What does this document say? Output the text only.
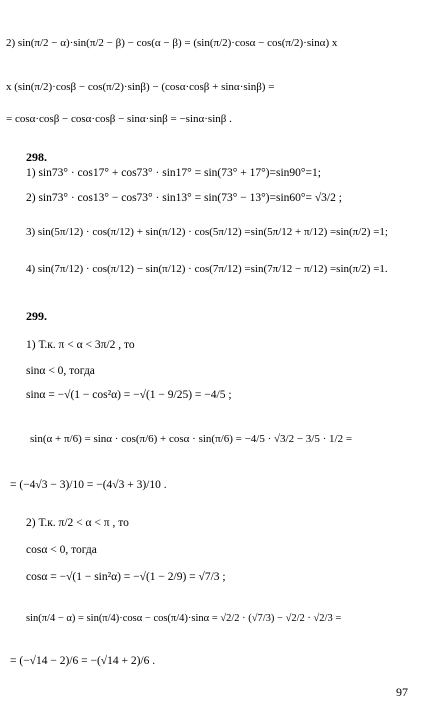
2) sin(π/2 − α)·sin(π/2 − β) − cos(α − β) = (sin(π/2)·cosα − cos(π/2)·sinα) x
x (sin(π/2)·cosβ − cos(π/2)·sinβ) − (cosα·cosβ + sinα·sinβ) =
= cosα·cosβ − cosα·cosβ − sinα·sinβ = −sinα·sinβ .
298.
1) sin73° · cos17° + cos73° · sin17° = sin(73° + 17°)=sin90°=1;
2) sin73° · cos13° − cos73° · sin13° = sin(73° − 13°)=sin60°= √3/2 ;
3) sin(5π/12) · cos(π/12) + sin(π/12) · cos(5π/12) =sin(5π/12 + π/12) =sin(π/2) =1;
4) sin(7π/12) · cos(π/12) − sin(π/12) · cos(7π/12) =sin(7π/12 − π/12) =sin(π/2) =1.
299.
1) Т.к. π < α < 3π/2 , то
sinα < 0, тогда
sinα = −√(1 − cos²α) = −√(1 − 9/25) = −4/5 ;
sin(α + π/6) = sinα · cos(π/6) + cosα · sin(π/6) = −4/5 · √3/2 − 3/5 · 1/2 =
= (−4√3 − 3)/10 = −(4√3 + 3)/10 .
2) Т.к. π/2 < α < π , то
cosα < 0, тогда
cosα = −√(1 − sin²α) = −√(1 − 2/9) = √7/3 ;
sin(π/4 − α) = sin(π/4)·cosα − cos(π/4)·sinα = √2/2 · (√7/3) − √2/2 · √2/3 =
= (−√14 − 2)/6 = −(√14 + 2)/6 .
97
